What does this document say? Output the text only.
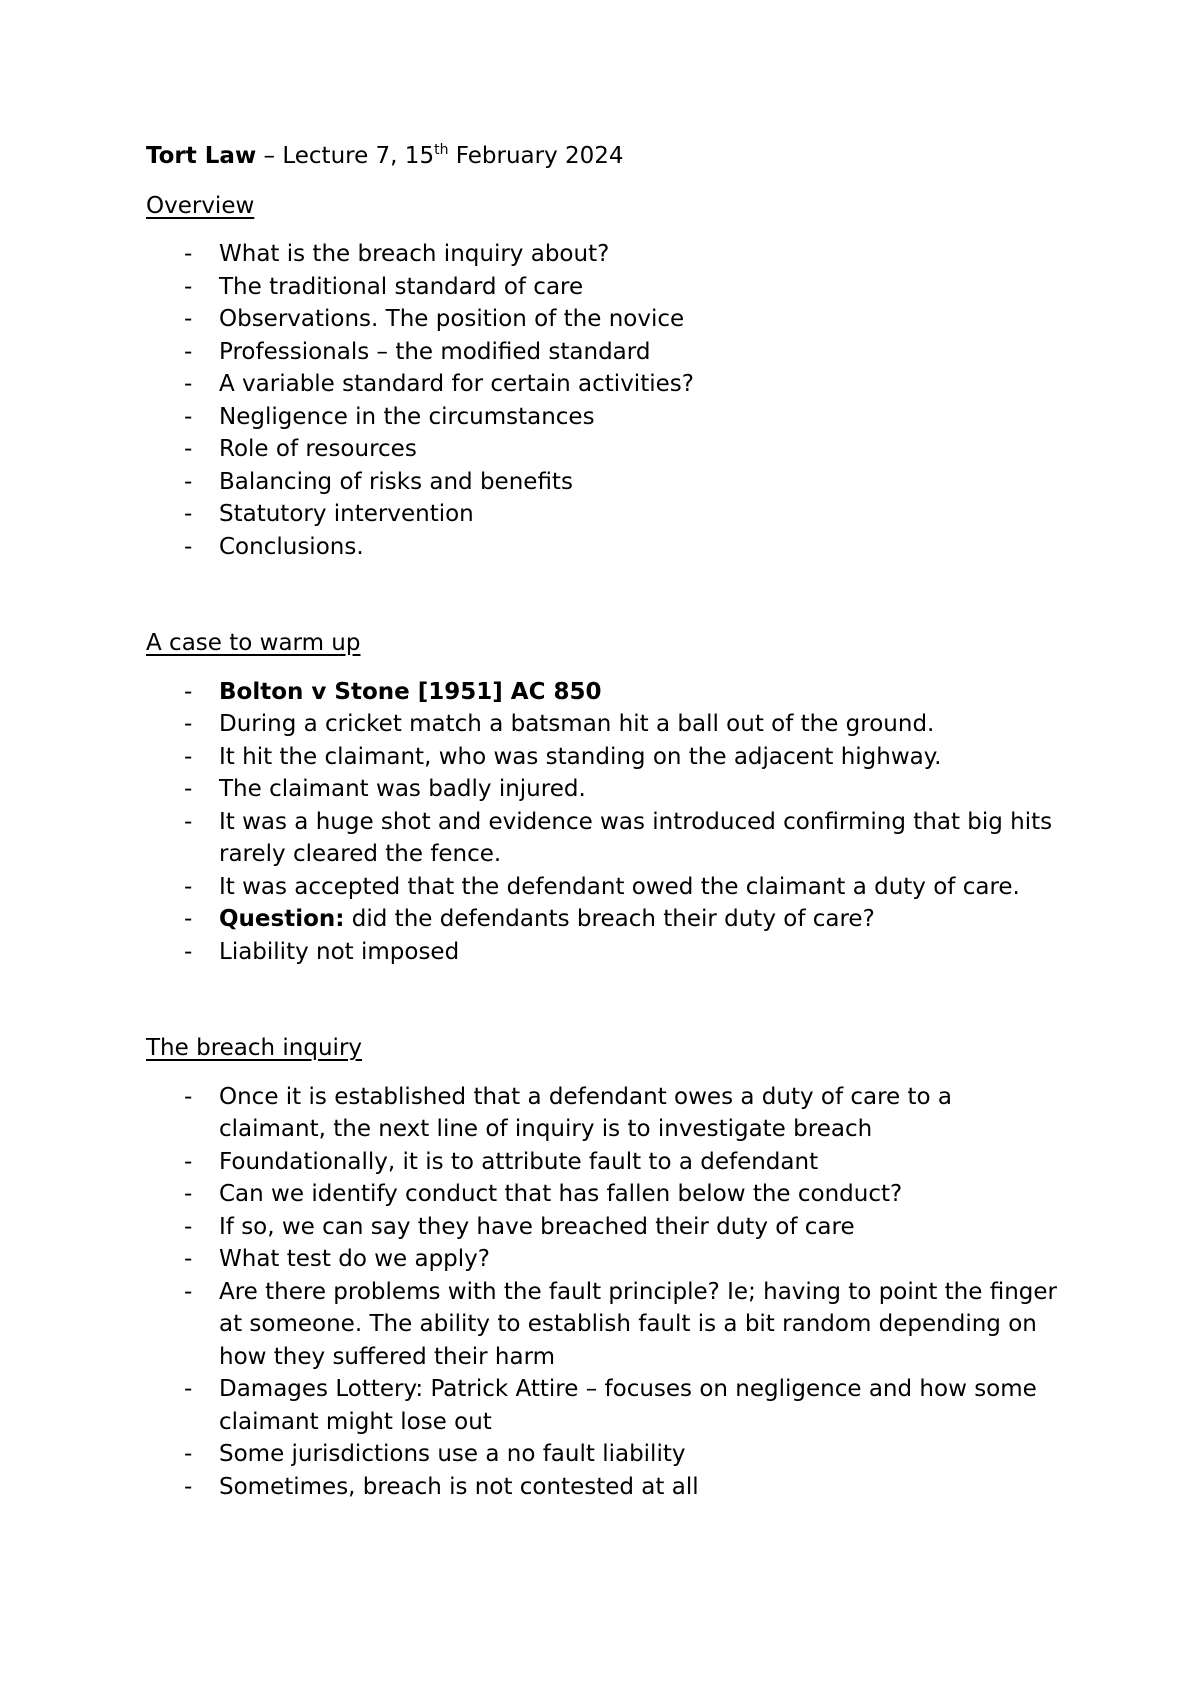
Tort Law – Lecture 7, 15th February 2024
Overview
- What is the breach inquiry about?
- The traditional standard of care
- Observations. The position of the novice
- Professionals – the modified standard
- A variable standard for certain activities?
- Negligence in the circumstances
- Role of resources
- Balancing of risks and benefits
- Statutory intervention
- Conclusions.
A case to warm up
- Bolton v Stone [1951] AC 850
- During a cricket match a batsman hit a ball out of the ground.
- It hit the claimant, who was standing on the adjacent highway.
- The claimant was badly injured.
- It was a huge shot and evidence was introduced confirming that big hits rarely cleared the fence.
- It was accepted that the defendant owed the claimant a duty of care.
- Question: did the defendants breach their duty of care?
- Liability not imposed
The breach inquiry
- Once it is established that a defendant owes a duty of care to a claimant, the next line of inquiry is to investigate breach
- Foundationally, it is to attribute fault to a defendant
- Can we identify conduct that has fallen below the conduct?
- If so, we can say they have breached their duty of care
- What test do we apply?
- Are there problems with the fault principle? Ie; having to point the finger at someone. The ability to establish fault is a bit random depending on how they suffered their harm
- Damages Lottery: Patrick Attire – focuses on negligence and how some claimant might lose out
- Some jurisdictions use a no fault liability
- Sometimes, breach is not contested at all
